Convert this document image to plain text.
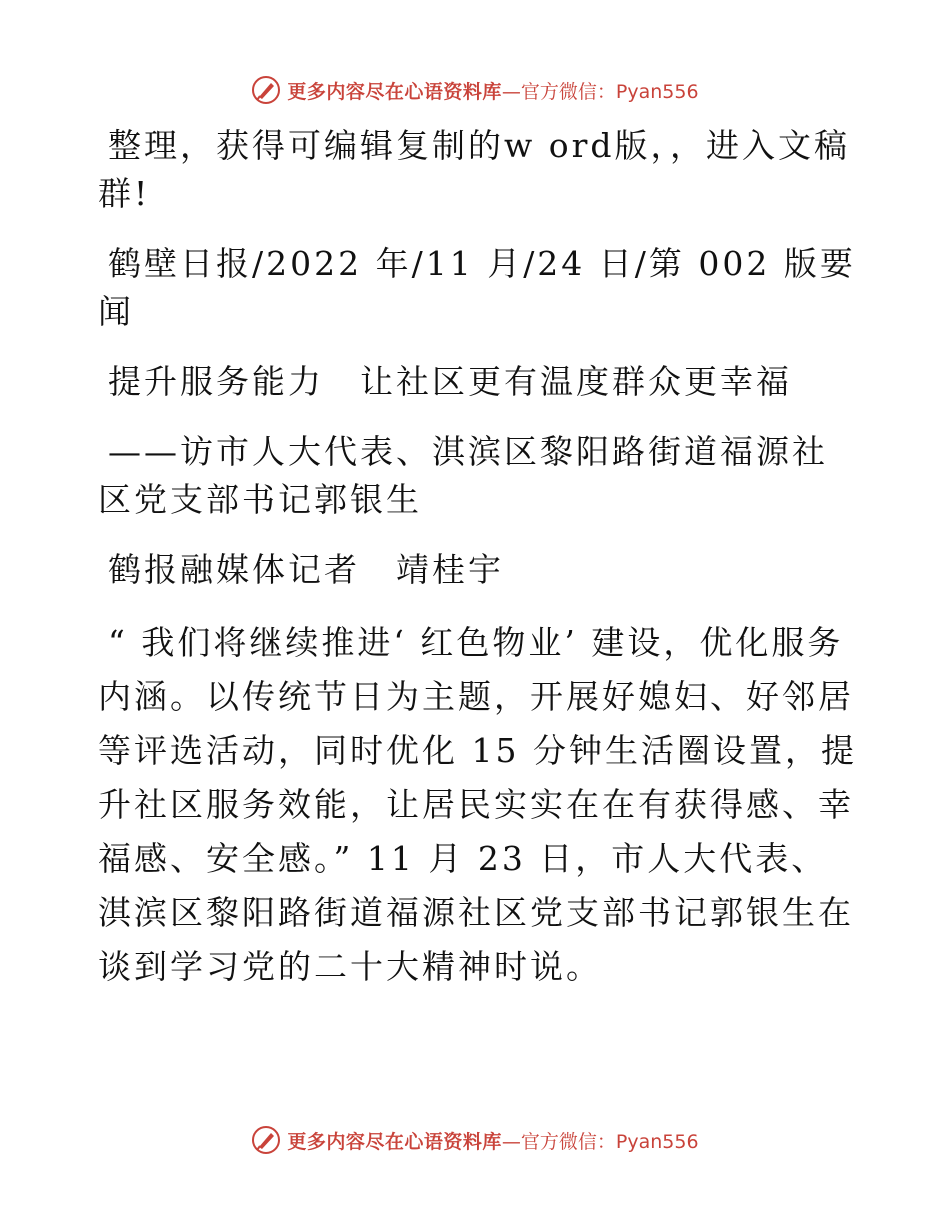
更多内容尽在心语资料库 —官方微信：Pyan556

整理，获得可编辑复制的w ord版，，进入文稿群!

鹤壁日报/2022 年/11 月/24 日/第 002 版要闻

提升服务能力　让社区更有温度群众更幸福

——访市人大代表、淇滨区黎阳路街道福源社区党支部书记郭银生

鹤报融媒体记者　靖桂宇

“ 我们将继续推进‘ 红色物业’ 建设，优化服务内涵。以传统节日为主题，开展好媳妇、好邻居等评选活动，同时优化 15 分钟生活圈设置，提升社区服务效能，让居民实实在在有获得感、幸福感、安全感。” 11 月 23 日，市人大代表、淇滨区黎阳路街道福源社区党支部书记郭银生在谈到学习党的二十大精神时说。

更多内容尽在心语资料库 —官方微信：Pyan556
